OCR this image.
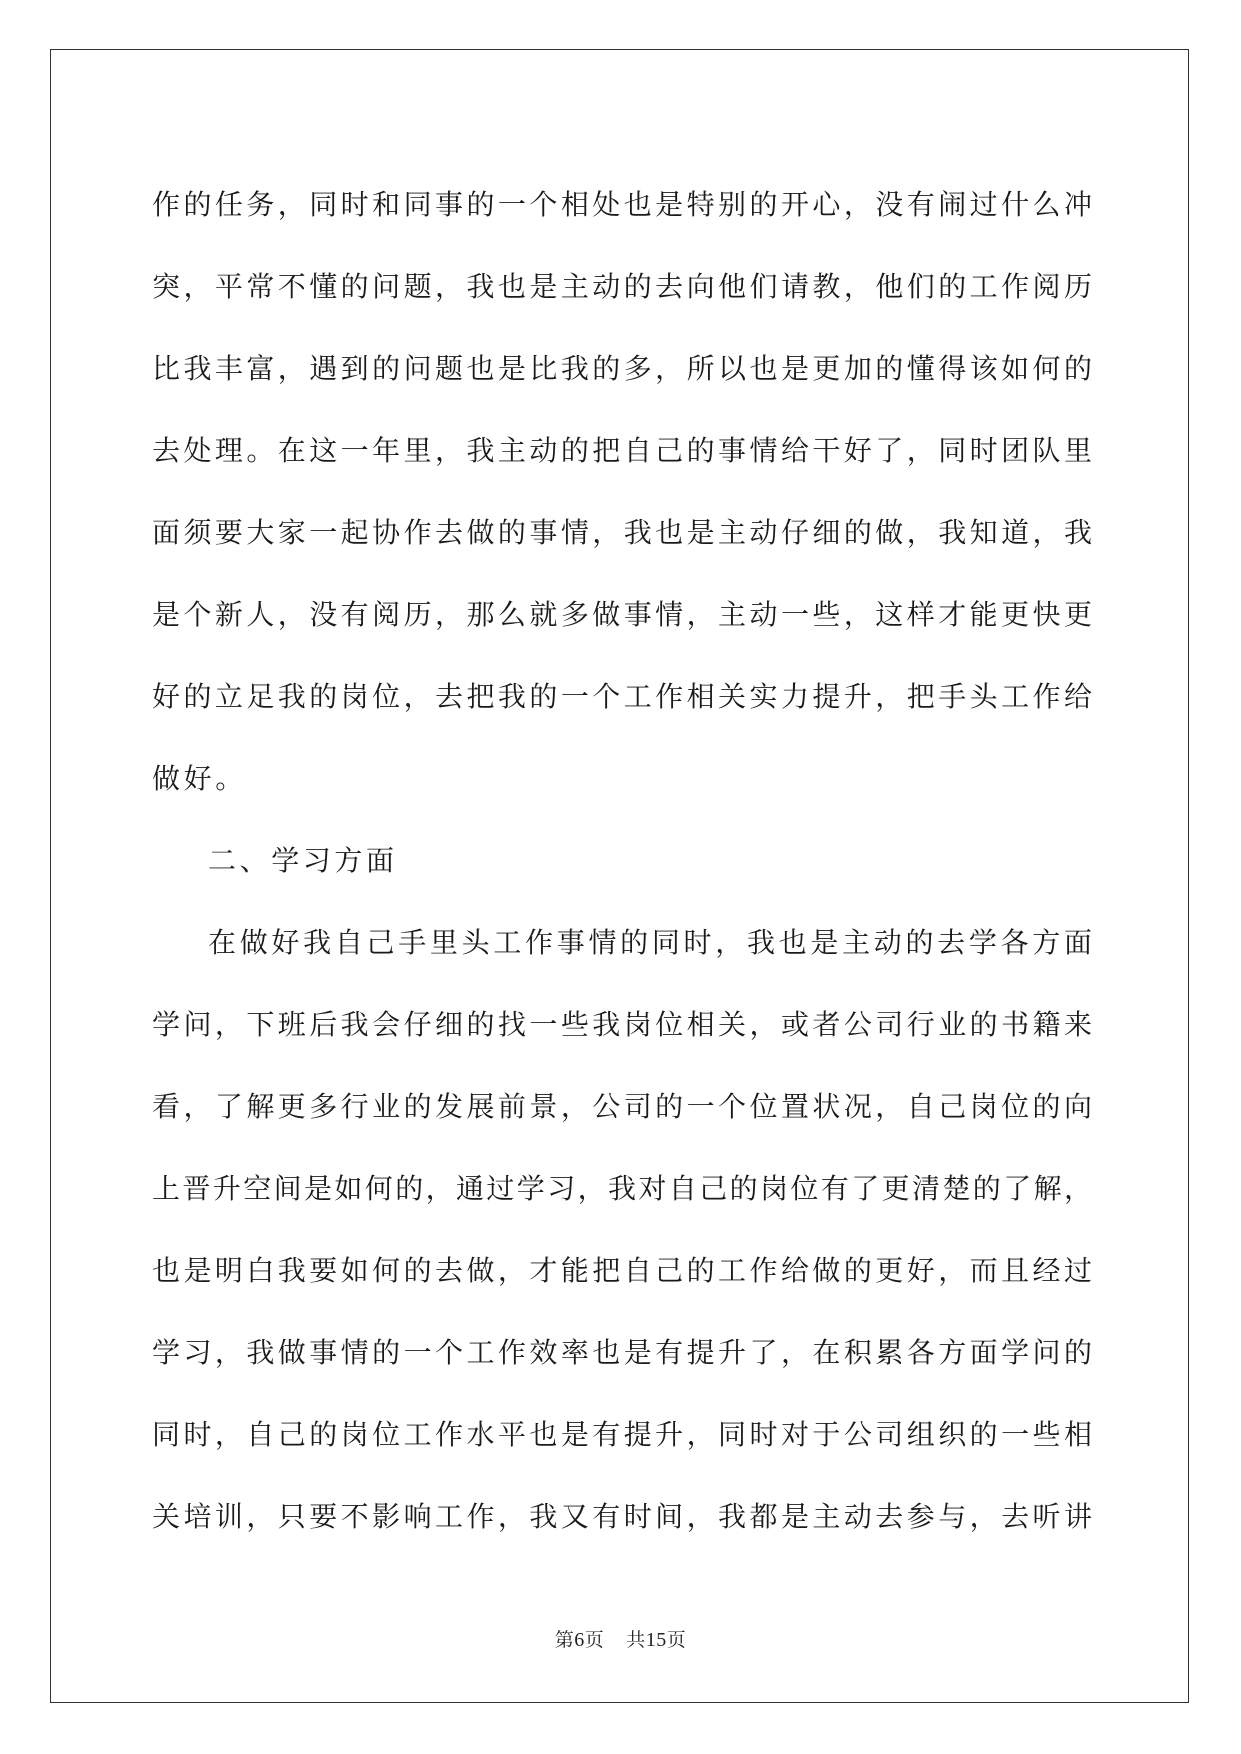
作的任务，同时和同事的一个相处也是特别的开心，没有闹过什么冲

突，平常不懂的问题，我也是主动的去向他们请教，他们的工作阅历

比我丰富，遇到的问题也是比我的多，所以也是更加的懂得该如何的

去处理。在这一年里，我主动的把自己的事情给干好了，同时团队里

面须要大家一起协作去做的事情，我也是主动仔细的做，我知道，我

是个新人，没有阅历，那么就多做事情，主动一些，这样才能更快更

好的立足我的岗位，去把我的一个工作相关实力提升，把手头工作给

做好。

二、学习方面

在做好我自己手里头工作事情的同时，我也是主动的去学各方面

学问，下班后我会仔细的找一些我岗位相关，或者公司行业的书籍来

看，了解更多行业的发展前景，公司的一个位置状况，自己岗位的向

上晋升空间是如何的，通过学习，我对自己的岗位有了更清楚的了解，

也是明白我要如何的去做，才能把自己的工作给做的更好，而且经过

学习，我做事情的一个工作效率也是有提升了，在积累各方面学问的

同时，自己的岗位工作水平也是有提升，同时对于公司组织的一些相

关培训，只要不影响工作，我又有时间，我都是主动去参与，去听讲

第6页 共15页
